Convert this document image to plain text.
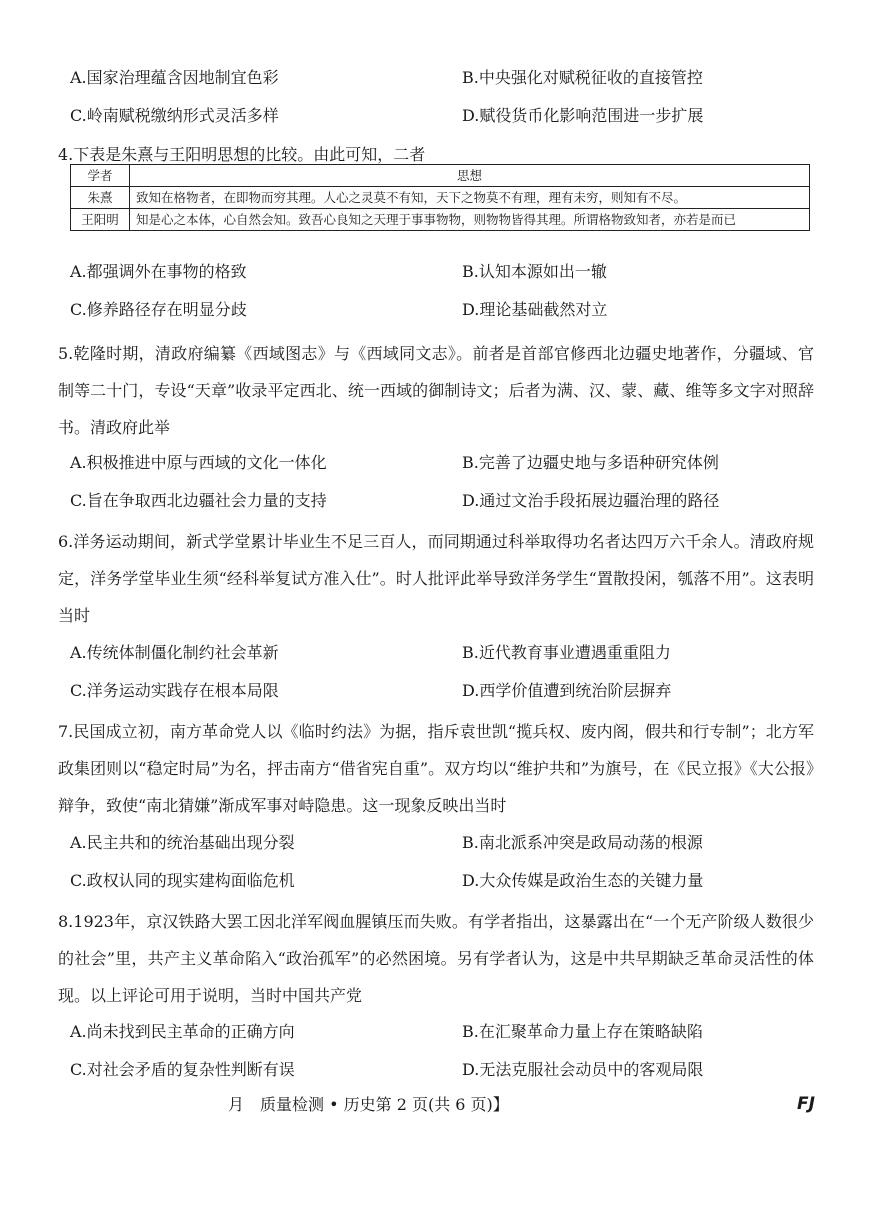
A.国家治理蕴含因地制宜色彩	B.中央强化对赋税征收的直接管控
C.岭南赋税缴纳形式灵活多样	D.赋役货币化影响范围进一步扩展
4.下表是朱熹与王阳明思想的比较。由此可知，二者
学者	思想
朱熹	致知在格物者，在即物而穷其理。人心之灵莫不有知，天下之物莫不有理，理有未穷，则知有不尽。
王阳明	知是心之本体，心自然会知。致吾心良知之天理于事事物物，则物物皆得其理。所谓格物致知者，亦若是而已
A.都强调外在事物的格致	B.认知本源如出一辙
C.修养路径存在明显分歧	D.理论基础截然对立
5.乾隆时期，清政府编纂《西域图志》与《西域同文志》。前者是首部官修西北边疆史地著作，分疆域、官制等二十门，专设“天章”收录平定西北、统一西域的御制诗文；后者为满、汉、蒙、藏、维等多文字对照辞书。清政府此举
A.积极推进中原与西域的文化一体化	B.完善了边疆史地与多语种研究体例
C.旨在争取西北边疆社会力量的支持	D.通过文治手段拓展边疆治理的路径
6.洋务运动期间，新式学堂累计毕业生不足三百人，而同期通过科举取得功名者达四万六千余人。清政府规定，洋务学堂毕业生须“经科举复试方准入仕”。时人批评此举导致洋务学生“置散投闲，瓠落不用”。这表明当时
A.传统体制僵化制约社会革新	B.近代教育事业遭遇重重阻力
C.洋务运动实践存在根本局限	D.西学价值遭到统治阶层摒弃
7.民国成立初，南方革命党人以《临时约法》为据，指斥袁世凯“揽兵权、废内阁，假共和行专制”；北方军政集团则以“稳定时局”为名，抨击南方“借省宪自重”。双方均以“维护共和”为旗号，在《民立报》《大公报》辩争，致使“南北猜嫌”渐成军事对峙隐患。这一现象反映出当时
A.民主共和的统治基础出现分裂	B.南北派系冲突是政局动荡的根源
C.政权认同的现实建构面临危机	D.大众传媒是政治生态的关键力量
8.1923年，京汉铁路大罢工因北洋军阀血腥镇压而失败。有学者指出，这暴露出在“一个无产阶级人数很少的社会”里，共产主义革命陷入“政治孤军”的必然困境。另有学者认为，这是中共早期缺乏革命灵活性的体现。以上评论可用于说明，当时中国共产党
A.尚未找到民主革命的正确方向	B.在汇聚革命力量上存在策略缺陷
C.对社会矛盾的复杂性判断有误	D.无法克服社会动员中的客观局限
月　质量检测 • 历史第 2 页(共 6 页)】	FJ
